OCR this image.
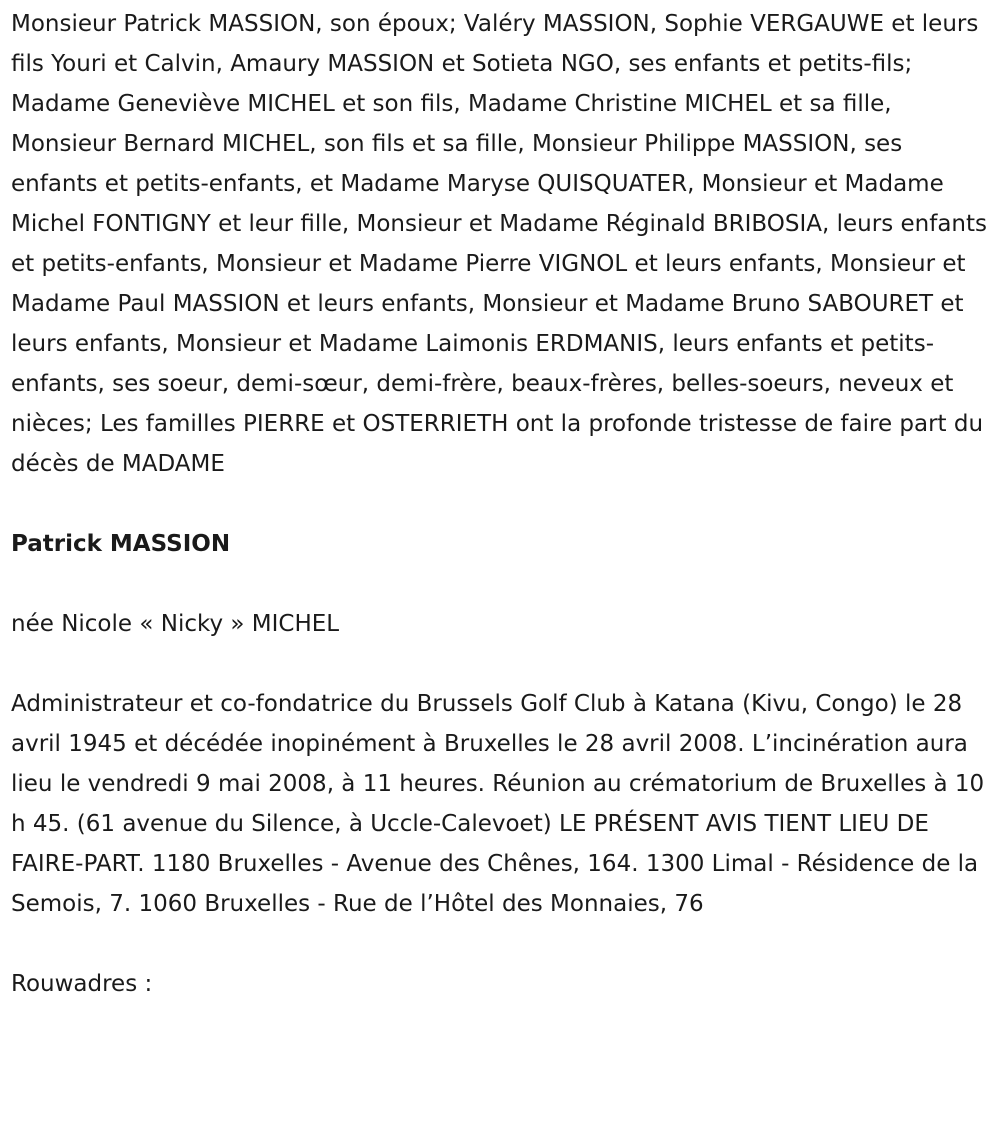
Monsieur Patrick MASSION, son époux; Valéry MASSION, Sophie VERGAUWE et leurs fils Youri et Calvin, Amaury MASSION et Sotieta NGO, ses enfants et petits-fils; Madame Geneviève MICHEL et son fils, Madame Christine MICHEL et sa fille, Monsieur Bernard MICHEL, son fils et sa fille, Monsieur Philippe MASSION, ses enfants et petits-enfants, et Madame Maryse QUISQUATER, Monsieur et Madame Michel FONTIGNY et leur fille, Monsieur et Madame Réginald BRIBOSIA, leurs enfants et petits-enfants, Monsieur et Madame Pierre VIGNOL et leurs enfants, Monsieur et Madame Paul MASSION et leurs enfants, Monsieur et Madame Bruno SABOURET et leurs enfants, Monsieur et Madame Laimonis ERDMANIS, leurs enfants et petits-enfants, ses soeur, demi-sœur, demi-frère, beaux-frères, belles-soeurs, neveux et nièces; Les familles PIERRE et OSTERRIETH ont la profonde tristesse de faire part du décès de MADAME

Patrick MASSION

née Nicole « Nicky » MICHEL

Administrateur et co-fondatrice du Brussels Golf Club à Katana (Kivu, Congo) le 28 avril 1945 et décédée inopinément à Bruxelles le 28 avril 2008. L’incinération aura lieu le vendredi 9 mai 2008, à 11 heures. Réunion au crématorium de Bruxelles à 10 h 45. (61 avenue du Silence, à Uccle-Calevoet) LE PRÉSENT AVIS TIENT LIEU DE FAIRE-PART. 1180 Bruxelles - Avenue des Chênes, 164. 1300 Limal - Résidence de la Semois, 7. 1060 Bruxelles - Rue de l’Hôtel des Monnaies, 76

Rouwadres :
